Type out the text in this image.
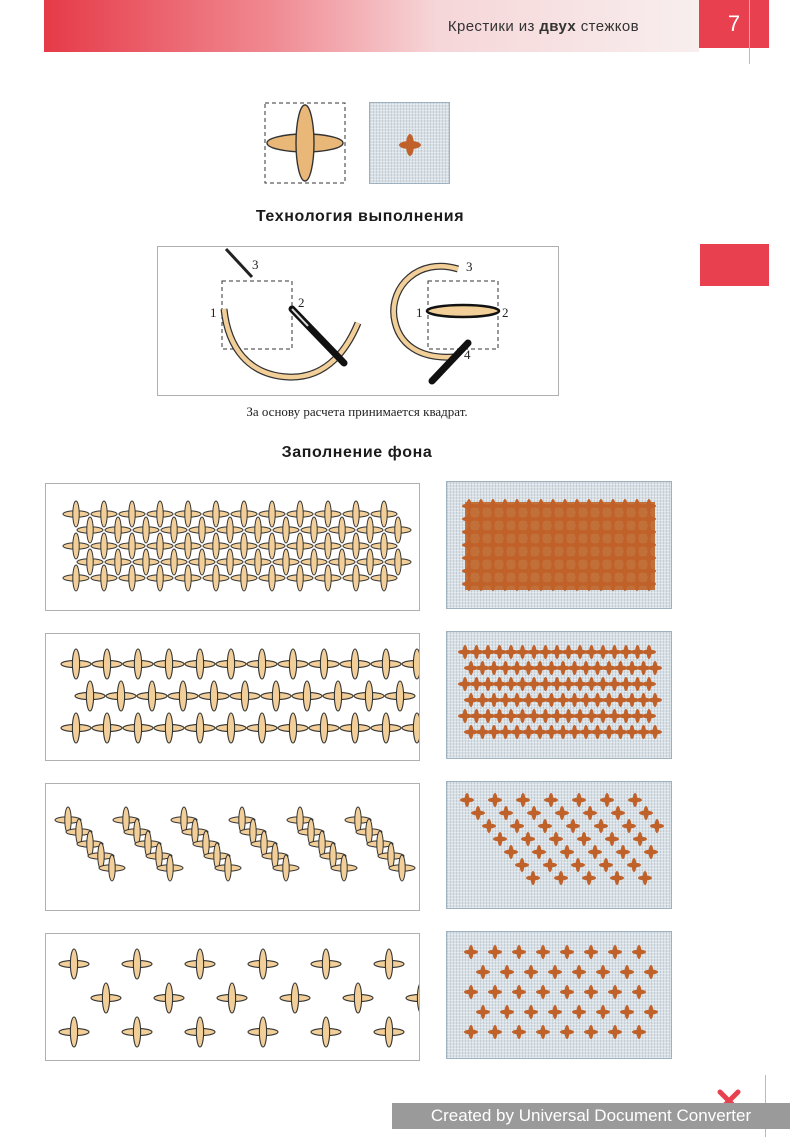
Крестики из двух стежков	7
Технология выполнения
1
2
3
1	2
3
4
За основу расчета принимается квадрат.
Заполнение фона
Created by Universal Document Converter
